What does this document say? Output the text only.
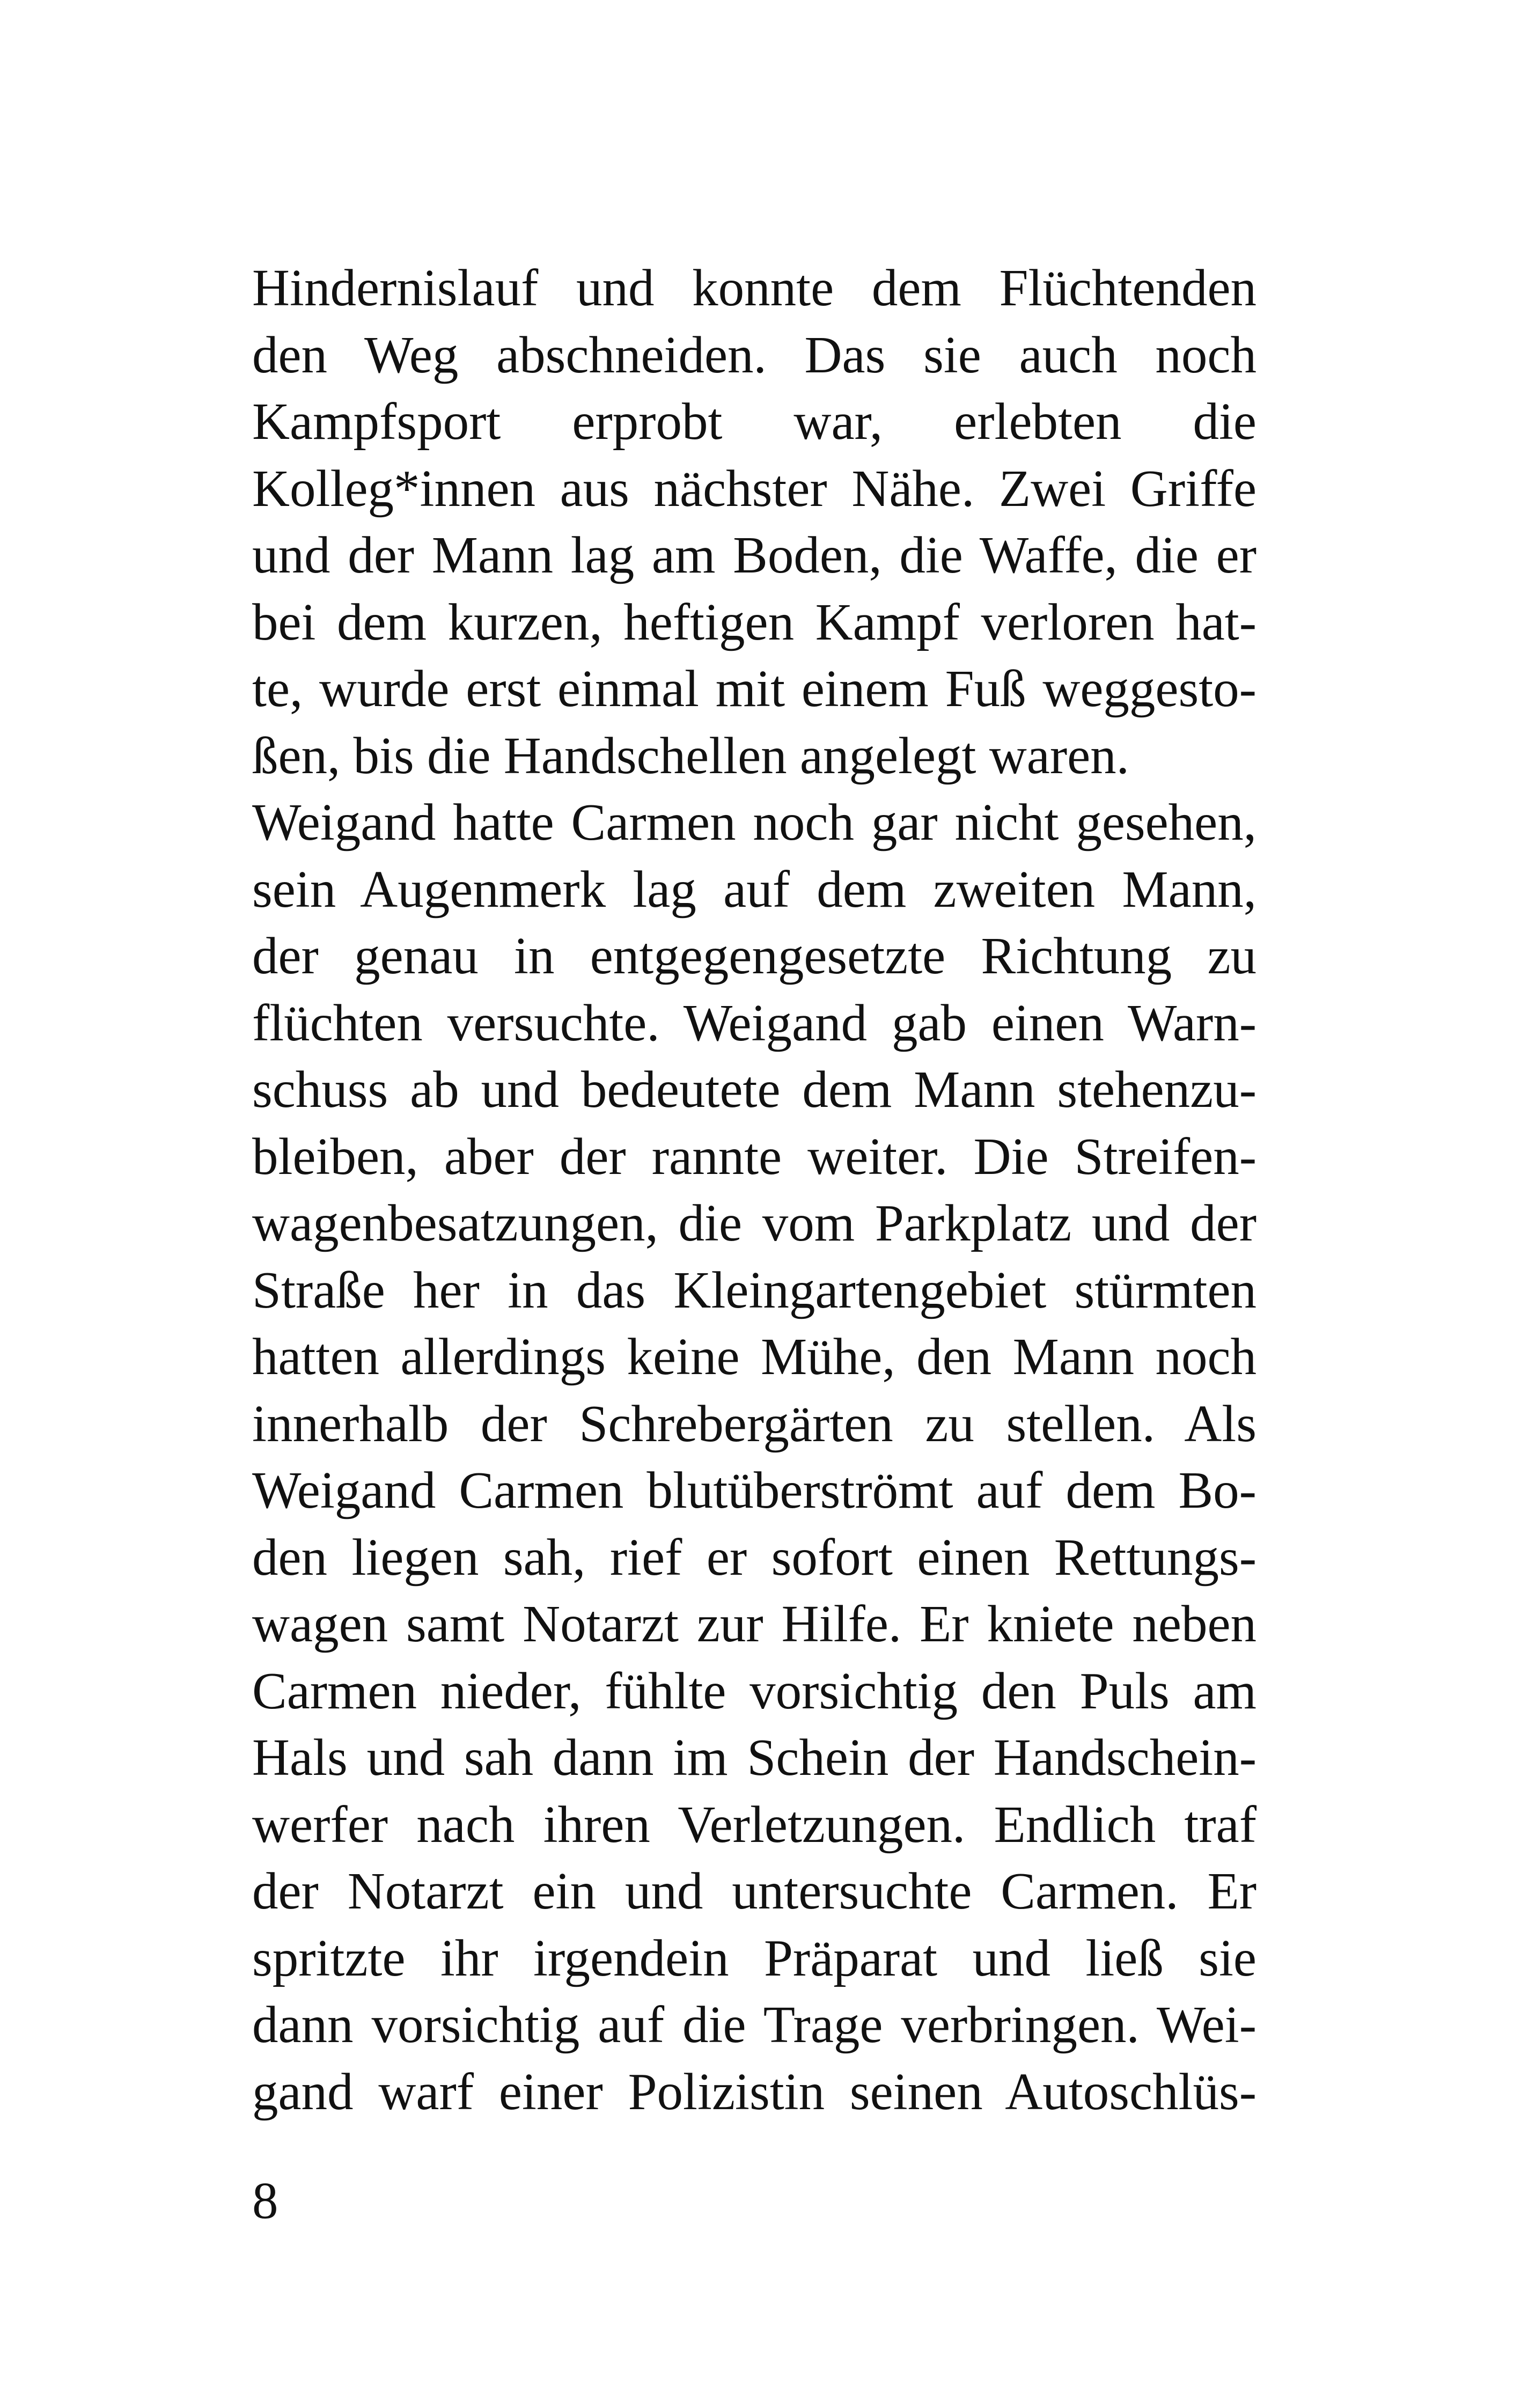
Hindernislauf und konnte dem Flüchtenden
den Weg abschneiden. Das sie auch noch
Kampfsport erprobt war, erlebten die
Kolleg*innen aus nächster Nähe. Zwei Griffe
und der Mann lag am Boden, die Waffe, die er
bei dem kurzen, heftigen Kampf verloren hat-
te, wurde erst einmal mit einem Fuß weggesto-
ßen, bis die Handschellen angelegt waren.
Weigand hatte Carmen noch gar nicht gesehen,
sein Augenmerk lag auf dem zweiten Mann,
der genau in entgegengesetzte Richtung zu
flüchten versuchte. Weigand gab einen Warn-
schuss ab und bedeutete dem Mann stehenzu-
bleiben, aber der rannte weiter. Die Streifen-
wagenbesatzungen, die vom Parkplatz und der
Straße her in das Kleingartengebiet stürmten
hatten allerdings keine Mühe, den Mann noch
innerhalb der Schrebergärten zu stellen. Als
Weigand Carmen blutüberströmt auf dem Bo-
den liegen sah, rief er sofort einen Rettungs-
wagen samt Notarzt zur Hilfe. Er kniete neben
Carmen nieder, fühlte vorsichtig den Puls am
Hals und sah dann im Schein der Handschein-
werfer nach ihren Verletzungen. Endlich traf
der Notarzt ein und untersuchte Carmen. Er
spritzte ihr irgendein Präparat und ließ sie
dann vorsichtig auf die Trage verbringen. Wei-
gand warf einer Polizistin seinen Autoschlüs-
8
